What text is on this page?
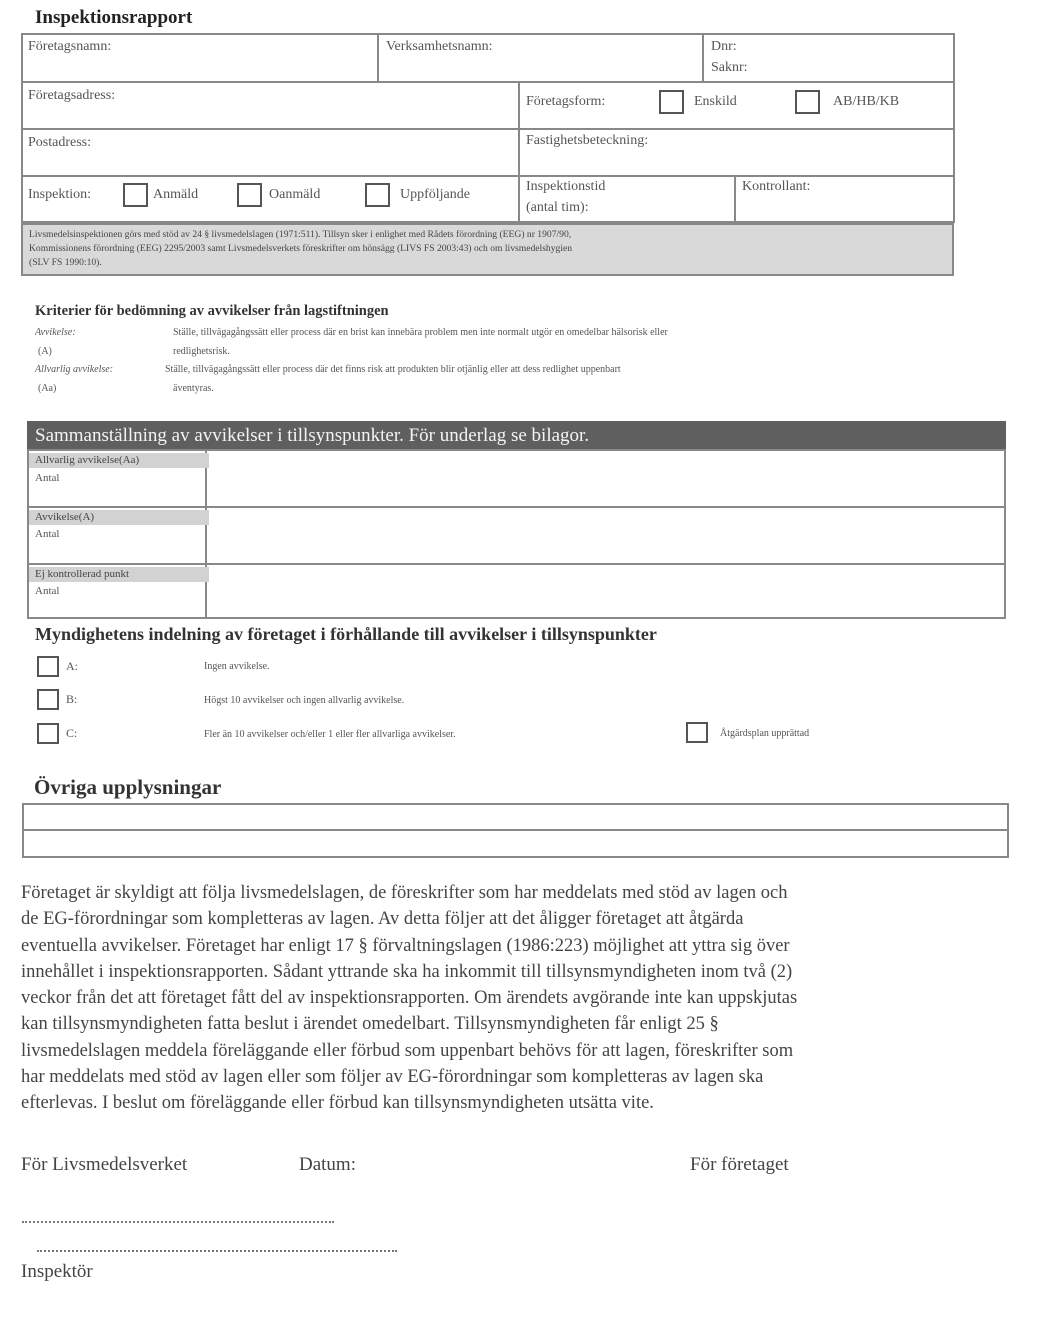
Inspektionsrapport
Företagsnamn:	Verksamhetsnamn:	Dnr:
Saknr:
Företagsadress:	Företagsform:	Enskild	AB/HB/KB
Postadress:	Fastighetsbeteckning:
Inspektion:	Anmäld	Oanmäld	Uppföljande
Inspektionstid
(antal tim):
Kontrollant:
Livsmedelsinspektionen görs med stöd av 24 § livsmedelslagen (1971:511). Tillsyn sker i enlighet med Rådets förordning (EEG) nr 1907/90,
Kommissionens förordning (EEG) 2295/2003 samt Livsmedelsverkets föreskrifter om hönsägg (LIVS FS 2003:43) och om livsmedelshygien
(SLV FS 1990:10).
Kriterier för bedömning av avvikelser från lagstiftningen
Avvikelse:	Ställe, tillvägagångssätt eller process där en brist kan innebära problem men inte normalt utgör en omedelbar hälsorisk eller
(A)	redlighetsrisk.
Allvarlig avvikelse:	Ställe, tillvägagångssätt eller process där det finns risk att produkten blir otjänlig eller att dess redlighet uppenbart
(Aa)	äventyras.
Sammanställning av avvikelser i tillsynspunkter. För underlag se bilagor.
Allvarlig avvikelse(Aa)
Antal
Avvikelse(A)
Antal
Ej kontrollerad punkt
Antal
Myndighetens indelning av företaget i förhållande till avvikelser i tillsynspunkter
A:	Ingen avvikelse.
B:	Högst 10 avvikelser och ingen allvarlig avvikelse.
C:	Fler än 10 avvikelser och/eller 1 eller fler allvarliga avvikelser.	Åtgärdsplan upprättad
Övriga upplysningar
Företaget är skyldigt att följa livsmedelslagen, de föreskrifter som har meddelats med stöd av lagen och
de EG-förordningar som kompletteras av lagen. Av detta följer att det åligger företaget att åtgärda
eventuella avvikelser. Företaget har enligt 17 § förvaltningslagen (1986:223) möjlighet att yttra sig över
innehållet i inspektionsrapporten. Sådant yttrande ska ha inkommit till tillsynsmyndigheten inom två (2)
veckor från det att företaget fått del av inspektionsrapporten. Om ärendets avgörande inte kan uppskjutas
kan tillsynsmyndigheten fatta beslut i ärendet omedelbart. Tillsynsmyndigheten får enligt 25 §
livsmedelslagen meddela föreläggande eller förbud som uppenbart behövs för att lagen, föreskrifter som
har meddelats med stöd av lagen eller som följer av EG-förordningar som kompletteras av lagen ska
efterlevas. I beslut om föreläggande eller förbud kan tillsynsmyndigheten utsätta vite.
För Livsmedelsverket	Datum:	För företaget
Inspektör
